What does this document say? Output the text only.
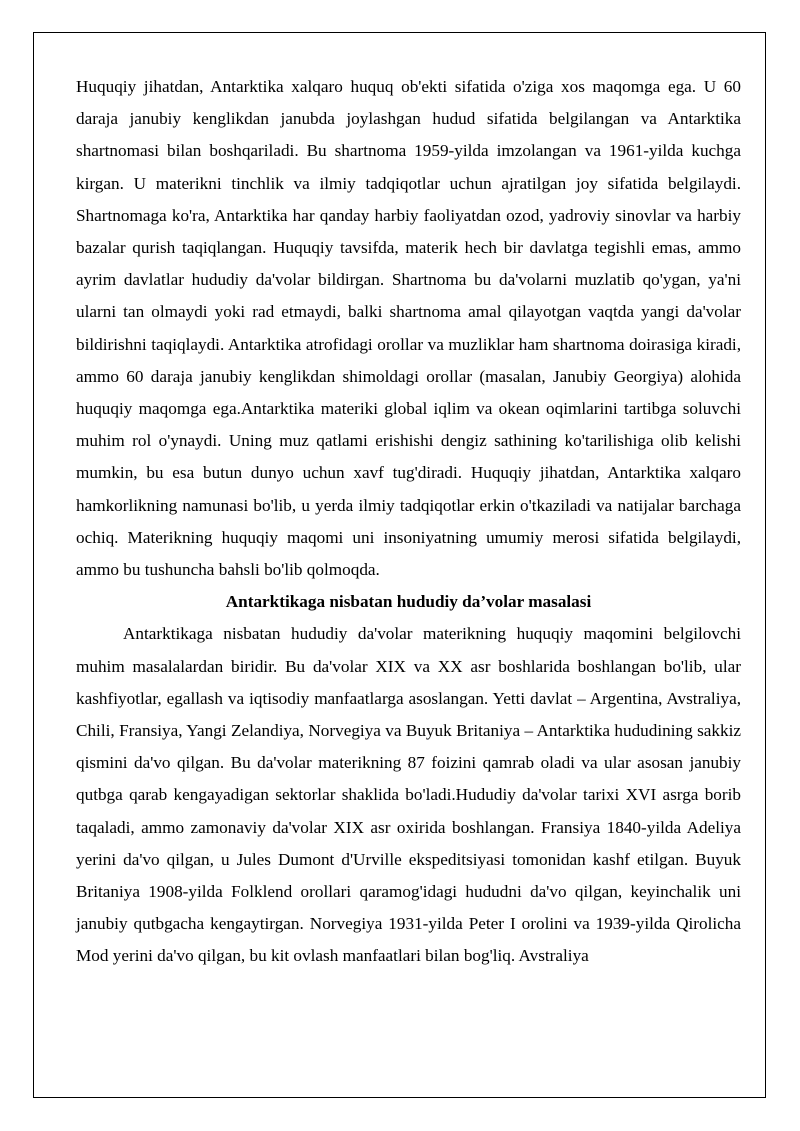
Huquqiy jihatdan, Antarktika xalqaro huquq ob'ekti sifatida o'ziga xos maqomga ega. U 60 daraja janubiy kenglikdan janubda joylashgan hudud sifatida belgilangan va Antarktika shartnomasi bilan boshqariladi. Bu shartnoma 1959-yilda imzolangan va 1961-yilda kuchga kirgan. U materikni tinchlik va ilmiy tadqiqotlar uchun ajratilgan joy sifatida belgilaydi. Shartnomaga ko'ra, Antarktika har qanday harbiy faoliyatdan ozod, yadroviy sinovlar va harbiy bazalar qurish taqiqlangan. Huquqiy tavsifda, materik hech bir davlatga tegishli emas, ammo ayrim davlatlar hududiy da'volar bildirgan. Shartnoma bu da'volarni muzlatib qo'ygan, ya'ni ularni tan olmaydi yoki rad etmaydi, balki shartnoma amal qilayotgan vaqtda yangi da'volar bildirishni taqiqlaydi. Antarktika atrofidagi orollar va muzliklar ham shartnoma doirasiga kiradi, ammo 60 daraja janubiy kenglikdan shimoldagi orollar (masalan, Janubiy Georgiya) alohida huquqiy maqomga ega.Antarktika materiki global iqlim va okean oqimlarini tartibga soluvchi muhim rol o'ynaydi. Uning muz qatlami erishishi dengiz sathining ko'tarilishiga olib kelishi mumkin, bu esa butun dunyo uchun xavf tug'diradi. Huquqiy jihatdan, Antarktika xalqaro hamkorlikning namunasi bo'lib, u yerda ilmiy tadqiqotlar erkin o'tkaziladi va natijalar barchaga ochiq. Materikning huquqiy maqomi uni insoniyatning umumiy merosi sifatida belgilaydi, ammo bu tushuncha bahsli bo'lib qolmoqda.

Antarktikaga nisbatan hududiy da’volar masalasi

Antarktikaga nisbatan hududiy da'volar materikning huquqiy maqomini belgilovchi muhim masalalardan biridir. Bu da'volar XIX va XX asr boshlarida boshlangan bo'lib, ular kashfiyotlar, egallash va iqtisodiy manfaatlarga asoslangan. Yetti davlat – Argentina, Avstraliya, Chili, Fransiya, Yangi Zelandiya, Norvegiya va Buyuk Britaniya – Antarktika hududining sakkiz qismini da'vo qilgan. Bu da'volar materikning 87 foizini qamrab oladi va ular asosan janubiy qutbga qarab kengayadigan sektorlar shaklida bo'ladi.Hududiy da'volar tarixi XVI asrga borib taqaladi, ammo zamonaviy da'volar XIX asr oxirida boshlangan. Fransiya 1840-yilda Adeliya yerini da'vo qilgan, u Jules Dumont d'Urville ekspeditsiyasi tomonidan kashf etilgan. Buyuk Britaniya 1908-yilda Folklend orollari qaramog'idagi hududni da'vo qilgan, keyinchalik uni janubiy qutbgacha kengaytirgan. Norvegiya 1931-yilda Peter I orolini va 1939-yilda Qirolicha Mod yerini da'vo qilgan, bu kit ovlash manfaatlari bilan bog'liq. Avstraliya
